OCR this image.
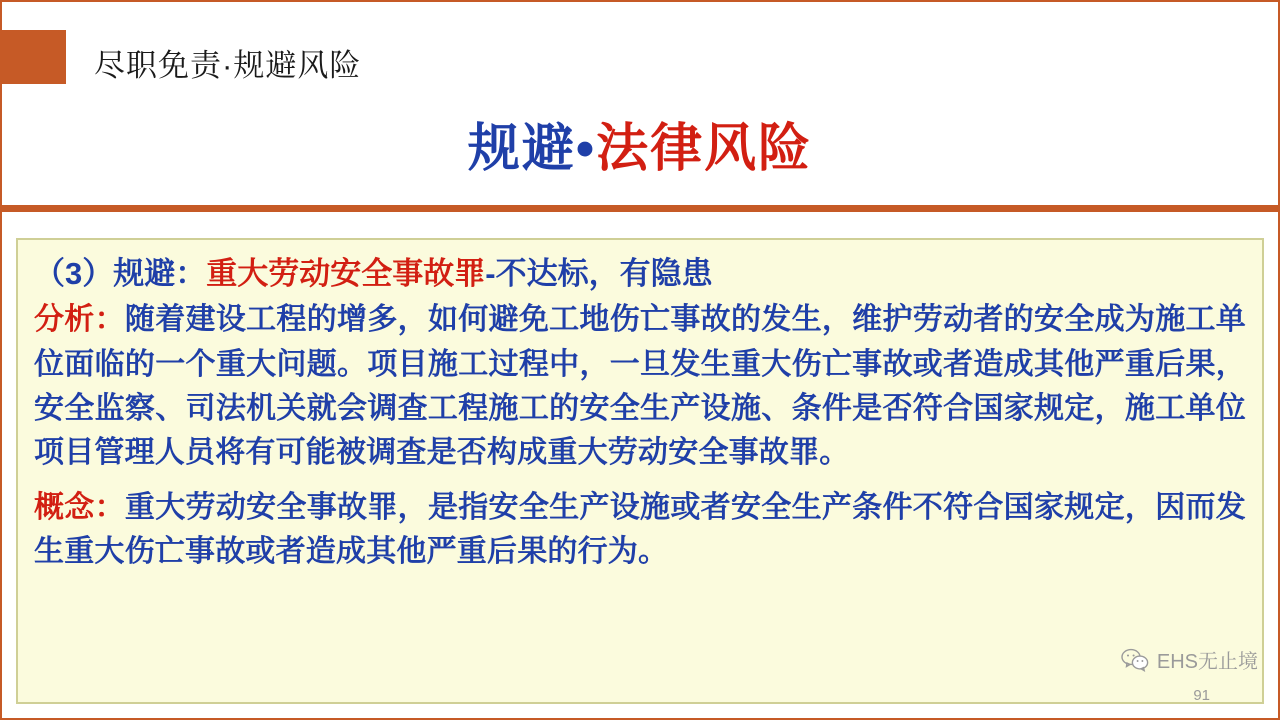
尽职免责·规避风险
规避•法律风险
（3）规避：重大劳动安全事故罪-不达标，有隐患

分析：随着建设工程的增多，如何避免工地伤亡事故的发生，维护劳动者的安全成为施工单位面临的一个重大问题。项目施工过程中，一旦发生重大伤亡事故或者造成其他严重后果，安全监察、司法机关就会调查工程施工的安全生产设施、条件是否符合国家规定，施工单位项目管理人员将有可能被调查是否构成重大劳动安全事故罪。

概念：重大劳动安全事故罪，是指安全生产设施或者安全生产条件不符合国家规定，因而发生重大伤亡事故或者造成其他严重后果的行为。

EHS无止境
91
